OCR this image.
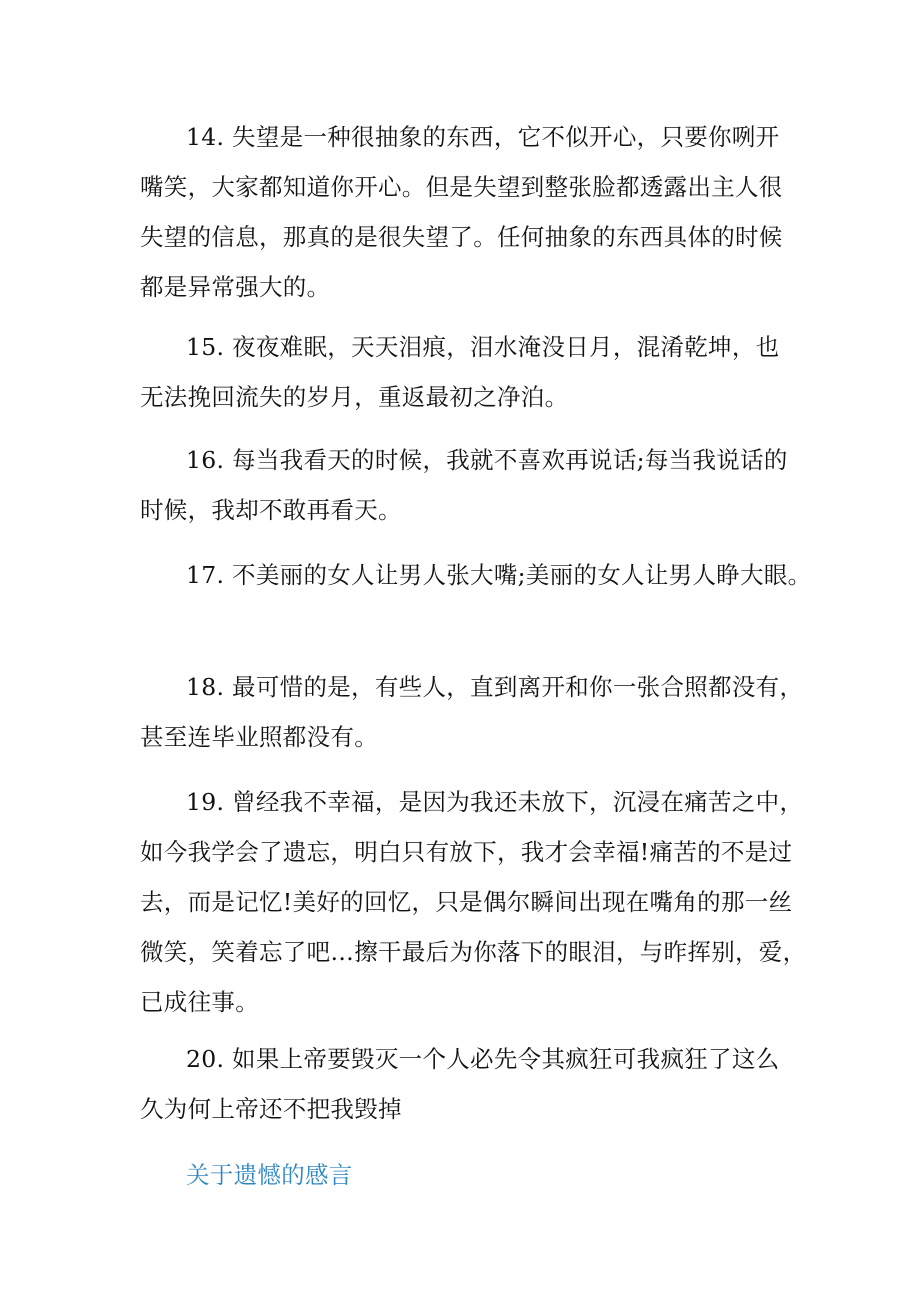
14. 失望是一种很抽象的东西，它不似开心，只要你咧开
嘴笑，大家都知道你开心。但是失望到整张脸都透露出主人很
失望的信息，那真的是很失望了。任何抽象的东西具体的时候
都是异常强大的。

15. 夜夜难眠，天天泪痕，泪水淹没日月，混淆乾坤，也
无法挽回流失的岁月，重返最初之净泊。

16. 每当我看天的时候，我就不喜欢再说话;每当我说话的
时候，我却不敢再看天。

17. 不美丽的女人让男人张大嘴;美丽的女人让男人睁大眼。

18. 最可惜的是，有些人，直到离开和你一张合照都没有，
甚至连毕业照都没有。

19. 曾经我不幸福，是因为我还未放下，沉浸在痛苦之中，
如今我学会了遗忘，明白只有放下，我才会幸福!痛苦的不是过
去，而是记忆!美好的回忆，只是偶尔瞬间出现在嘴角的那一丝
微笑，笑着忘了吧…擦干最后为你落下的眼泪，与昨挥别，爱，
已成往事。

20. 如果上帝要毁灭一个人必先令其疯狂可我疯狂了这么
久为何上帝还不把我毁掉

关于遗憾的感言
